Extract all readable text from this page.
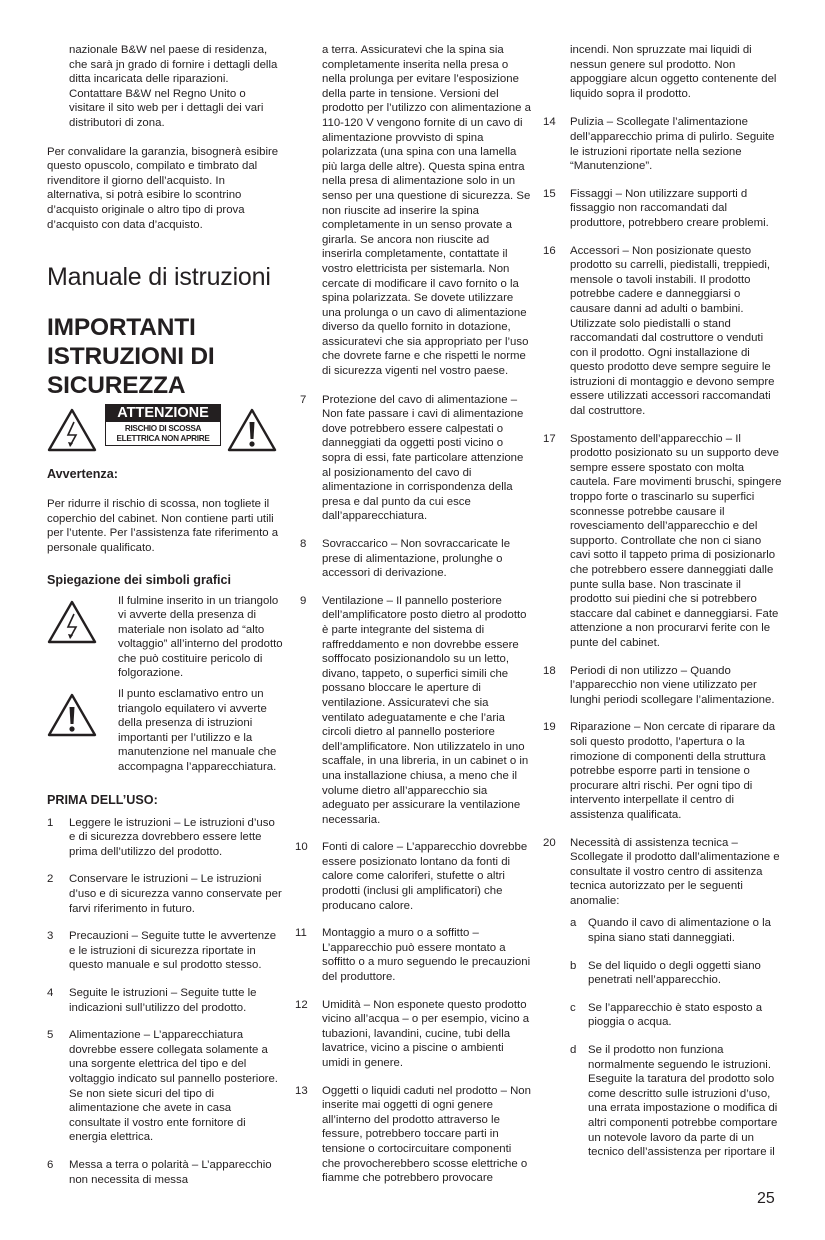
nazionale B&W nel paese di residenza, che sarà jn grado di fornire i dettagli della ditta incaricata delle riparazioni. Contattare B&W nel Regno Unito o visitare il sito web per i dettagli dei vari distributori di zona.

Per convalidare la garanzia, bisognerà esibire questo opuscolo, compilato e timbrato dal rivenditore il giorno dell’acquisto. In alternativa, si potrà esibire lo scontrino d’acquisto originale o altro tipo di prova d’acquisto con data d’acquisto.

Manuale di istruzioni
IMPORTANTI ISTRUZIONI DI SICUREZZA
ATTENZIONE
RISCHIO DI SCOSSA ELETTRICA NON APRIRE

Avvertenza:

Per ridurre il rischio di scossa, non togliete il coperchio del cabinet. Non contiene parti utili per l’utente. Per l’assistenza fate riferimento a personale qualificato.

Spiegazione dei simboli grafici

Il fulmine inserito in un triangolo vi avverte della presenza di materiale non isolato ad “alto voltaggio” all’interno del prodotto che può costituire pericolo di folgorazione.

Il punto esclamativo entro un triangolo equilatero vi avverte della presenza di istruzioni importanti per l’utilizzo e la manutenzione nel manuale che accompagna l’apparecchiatura.

PRIMA DELL’USO:

1 Leggere le istruzioni – Le istruzioni d’uso e di sicurezza dovrebbero essere lette prima dell’utilizzo del prodotto.

2 Conservare le istruzioni – Le istruzioni d’uso e di sicurezza vanno conservate per farvi riferimento in futuro.

3 Precauzioni – Seguite tutte le avvertenze e le istruzioni di sicurezza riportate in questo manuale e sul prodotto stesso.

4 Seguite le istruzioni – Seguite tutte le indicazioni sull’utilizzo del prodotto.

5 Alimentazione – L’apparecchiatura dovrebbe essere collegata solamente a una sorgente elettrica del tipo e del voltaggio indicato sul pannello posteriore. Se non siete sicuri del tipo di alimentazione che avete in casa consultate il vostro ente fornitore di energia elettrica.

6 Messa a terra o polarità – L’apparecchio non necessita di messa

a terra. Assicuratevi che la spina sia completamente inserita nella presa o nella prolunga per evitare l’esposizione della parte in tensione. Versioni del prodotto per l’utilizzo con alimentazione a 110-120 V vengono fornite di un cavo di alimentazione provvisto di spina polarizzata (una spina con una lamella più larga delle altre). Questa spina entra nella presa di alimentazione solo in un senso per una questione di sicurezza. Se non riuscite ad inserire la spina completamente in un senso provate a girarla. Se ancora non riuscite ad inserirla completamente, contattate il vostro elettricista per sistemarla. Non cercate di modificare il cavo fornito o la spina polarizzata. Se dovete utilizzare una prolunga o un cavo di alimentazione diverso da quello fornito in dotazione, assicuratevi che sia appropriato per l’uso che dovrete farne e che rispetti le norme di sicurezza vigenti nel vostro paese.

7 Protezione del cavo di alimentazione – Non fate passare i cavi di alimentazione dove potrebbero essere calpestati o danneggiati da oggetti posti vicino o sopra di essi, fate particolare attenzione al posizionamento del cavo di alimentazione in corrispondenza della presa e dal punto da cui esce dall’apparecchiatura.

8 Sovraccarico – Non sovraccaricate le prese di alimentazione, prolunghe o accessori di derivazione.

9 Ventilazione – Il pannello posteriore dell’amplificatore posto dietro al prodotto è parte integrante del sistema di raffreddamento e non dovrebbe essere sofffocato posizionandolo su un letto, divano, tappeto, o superfici simili che possano bloccare le aperture di ventilazione. Assicuratevi che sia ventilato adeguatamente e che l’aria circoli dietro al pannello posteriore dell’amplificatore. Non utilizzatelo in uno scaffale, in una libreria, in un cabinet o in una installazione chiusa, a meno che il volume dietro all’apparecchio sia adeguato per assicurare la ventilazione necessaria.

10 Fonti di calore – L’apparecchio dovrebbe essere posizionato lontano da fonti di calore come caloriferi, stufette o altri prodotti (inclusi gli amplificatori) che producano calore.

11 Montaggio a muro o a soffitto – L’apparecchio può essere montato a soffitto o a muro seguendo le precauzioni del produttore.

12 Umidità – Non esponete questo prodotto vicino all’acqua – o per esempio, vicino a tubazioni, lavandini, cucine, tubi della lavatrice, vicino a piscine o ambienti umidi in genere.

13 Oggetti o liquidi caduti nel prodotto – Non inserite mai oggetti di ogni genere all’interno del prodotto attraverso le fessure, potrebbero toccare parti in tensione o cortocircuitare componenti che provocherebbero scosse elettriche o fiamme che potrebbero provocare

incendi. Non spruzzate mai liquidi di nessun genere sul prodotto. Non appoggiare alcun oggetto contenente del liquido sopra il prodotto.

14 Pulizia – Scollegate l’alimentazione dell’apparecchio prima di pulirlo. Seguite le istruzioni riportate nella sezione “Manutenzione”.

15 Fissaggi – Non utilizzare supporti d fissaggio non raccomandati dal produttore, potrebbero creare problemi.

16 Accessori – Non posizionate questo prodotto su carrelli, piedistalli, treppiedi, mensole o tavoli instabili. Il prodotto potrebbe cadere e danneggiarsi o causare danni ad adulti o bambini. Utilizzate solo piedistalli o stand raccomandati dal costruttore o venduti con il prodotto. Ogni installazione di questo prodotto deve sempre seguire le istruzioni di montaggio e devono sempre essere utilizzati accessori raccomandati dal costruttore.

17 Spostamento dell’apparecchio – Il prodotto posizionato su un supporto deve sempre essere spostato con molta cautela. Fare movimenti bruschi, spingere troppo forte o trascinarlo su superfici sconnesse potrebbe causare il rovesciamento dell’apparecchio e del supporto. Controllate che non ci siano cavi sotto il tappeto prima di posizionarlo che potrebbero essere danneggiati dalle punte sulla base. Non trascinate il prodotto sui piedini che si potrebbero staccare dal cabinet e danneggiarsi. Fate attenzione a non procurarvi ferite con le punte del cabinet.

18 Periodi di non utilizzo – Quando l’apparecchio non viene utilizzato per lunghi periodi scollegare l’alimentazione.

19 Riparazione – Non cercate di riparare da soli questo prodotto, l’apertura o la rimozione di componenti della struttura potrebbe esporre parti in tensione o procurare altri rischi. Per ogni tipo di intervento interpellate il centro di assistenza qualificata.

20 Necessità di assistenza tecnica – Scollegate il prodotto dall’alimentazione e consultate il vostro centro di assitenza tecnica autorizzato per le seguenti anomalie:

a Quando il cavo di alimentazione o la spina siano stati danneggiati.

b Se del liquido o degli oggetti siano penetrati nell’apparecchio.

c Se l’apparecchio è stato esposto a pioggia o acqua.

d Se il prodotto non funziona normalmente seguendo le istruzioni. Eseguite la taratura del prodotto solo come descritto sulle istruzioni d’uso, una errata impostazione o modifica di altri componenti potrebbe comportare un notevole lavoro da parte di un tecnico dell’assistenza per riportare il

25
